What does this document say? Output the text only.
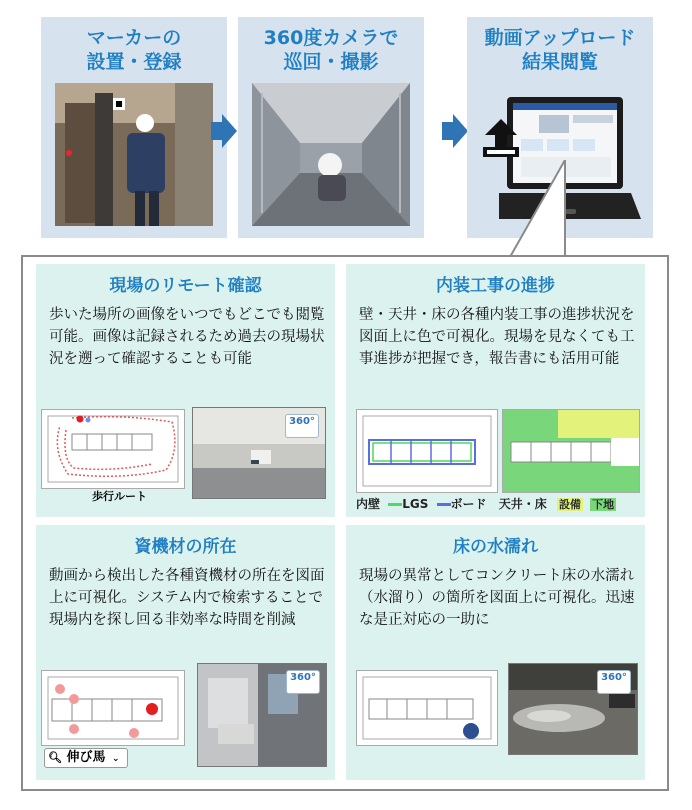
マーカーの
設置・登録
360度カメラで
巡回・撮影
動画アップロード
結果閲覧
現場のリモート確認
歩いた場所の画像をいつでもどこでも閲覧可能。画像は記録されるため過去の現場状況を遡って確認することも可能
歩行ルート
360°
内装工事の進捗
壁・天井・床の各種内装工事の進捗状況を図面上に色で可視化。現場を見なくても工事進捗が把握でき，報告書にも活用可能
内壁 LGS ボード 天井・床 設備 下地
資機材の所在
動画から検出した各種資機材の所在を図面上に可視化。システム内で検索することで現場内を探し回る非効率な時間を削減
🔍︎ 伸び馬 ⌄
360°
床の水濡れ
現場の異常としてコンクリート床の水濡れ（水溜り）の箇所を図面上に可視化。迅速な是正対応の一助に
360°
